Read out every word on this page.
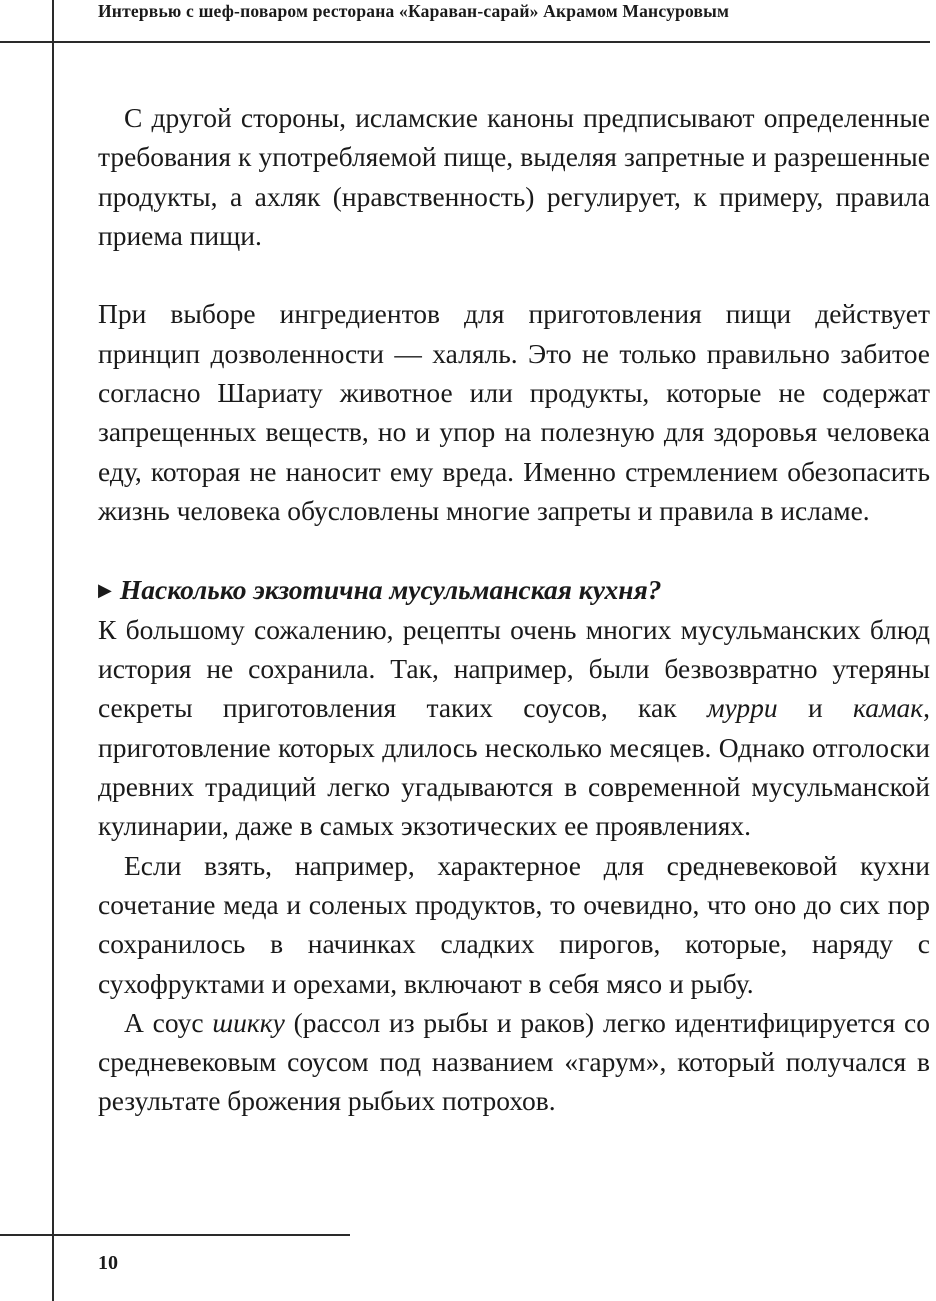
Интервью с шеф-поваром ресторана «Караван-сарай» Акрамом Мансуровым

С другой стороны, исламские каноны предписывают определенные требования к употребляемой пище, выделяя запретные и разрешенные продукты, а ахляк (нравственность) регулирует, к примеру, правила приема пищи.

При выборе ингредиентов для приготовления пищи действует принцип дозволенности — халяль. Это не только правильно забитое согласно Шариату животное или продукты, которые не содержат запрещенных веществ, но и упор на полезную для здоровья человека еду, которая не наносит ему вреда. Именно стремлением обезопасить жизнь человека обусловлены многие запреты и правила в исламе.

▶ Насколько экзотична мусульманская кухня?

К большому сожалению, рецепты очень многих мусульманских блюд история не сохранила. Так, например, были безвозвратно утеряны секреты приготовления таких соусов, как мурри и камак, приготовление которых длилось несколько месяцев. Однако отголоски древних традиций легко угадываются в современной мусульманской кулинарии, даже в самых экзотических ее проявлениях.

Если взять, например, характерное для средневековой кухни сочетание меда и соленых продуктов, то очевидно, что оно до сих пор сохранилось в начинках сладких пирогов, которые, наряду с сухофруктами и орехами, включают в себя мясо и рыбу.

А соус шикку (рассол из рыбы и раков) легко идентифицируется со средневековым соусом под названием «гарум», который получался в результате брожения рыбьих потрохов.

10
